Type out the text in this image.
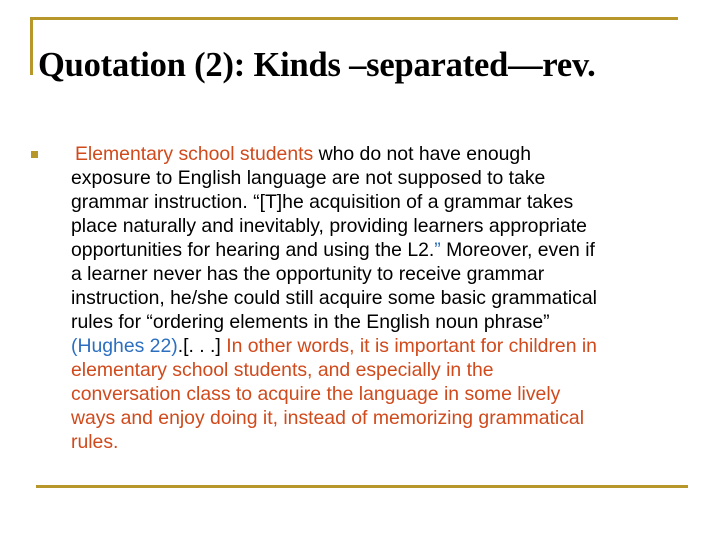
Quotation (2): Kinds –separated—rev.
Elementary school students who do not have enough
exposure to English language are not supposed to take
grammar instruction. “[T]he acquisition of a grammar takes
place naturally and inevitably, providing learners appropriate
opportunities for hearing and using the L2.” Moreover, even if
a learner never has the opportunity to receive grammar
instruction, he/she could still acquire some basic grammatical
rules for “ordering elements in the English noun phrase”
(Hughes 22).[. . .] In other words, it is important for children in
elementary school students, and especially in the
conversation class to acquire the language in some lively
ways and enjoy doing it, instead of memorizing grammatical
rules.
